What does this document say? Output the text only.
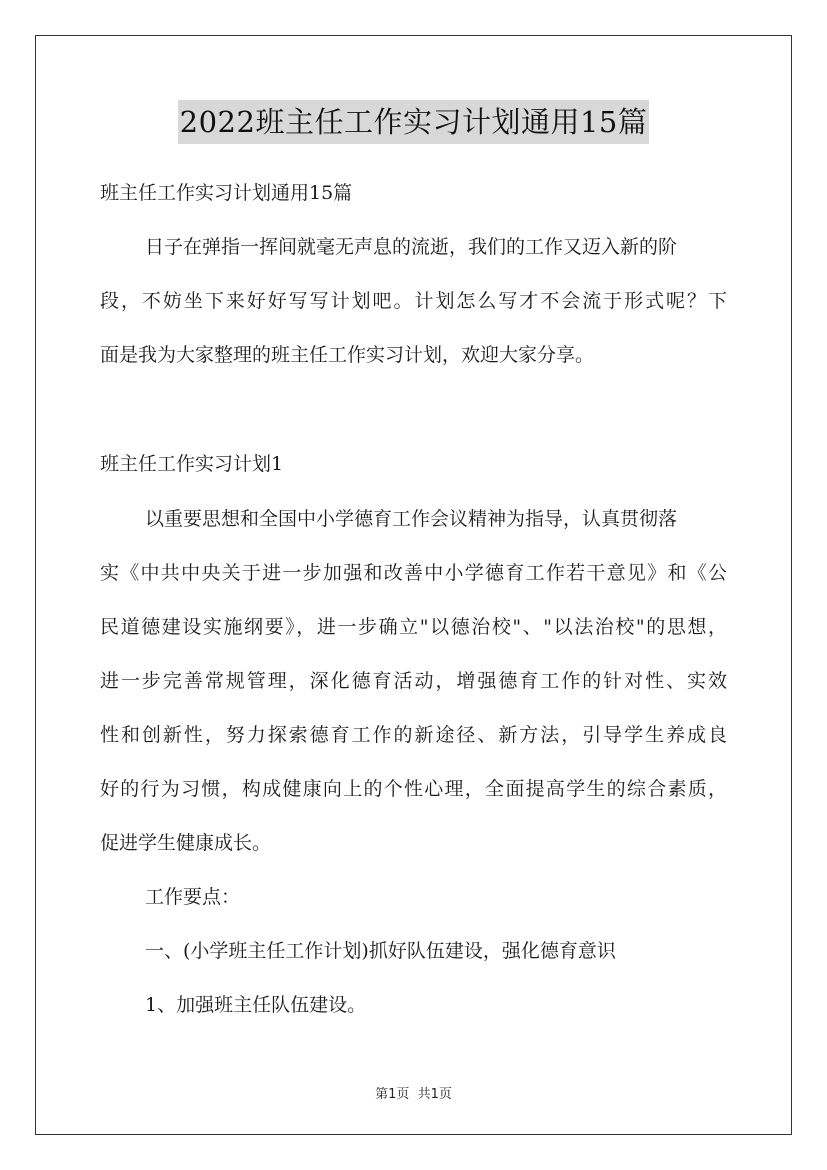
2022班主任工作实习计划通用15篇
班主任工作实习计划通用15篇
日子在弹指一挥间就毫无声息的流逝，我们的工作又迈入新的阶
段，不妨坐下来好好写写计划吧。计划怎么写才不会流于形式呢？下
面是我为大家整理的班主任工作实习计划，欢迎大家分享。
班主任工作实习计划1
以重要思想和全国中小学德育工作会议精神为指导，认真贯彻落
实《中共中央关于进一步加强和改善中小学德育工作若干意见》和《公
民道德建设实施纲要》，进一步确立"以德治校"、"以法治校"的思想，
进一步完善常规管理，深化德育活动，增强德育工作的针对性、实效
性和创新性，努力探索德育工作的新途径、新方法，引导学生养成良
好的行为习惯，构成健康向上的个性心理，全面提高学生的综合素质，
促进学生健康成长。
工作要点：
一、(小学班主任工作计划)抓好队伍建设，强化德育意识
1、加强班主任队伍建设。
第1页 共1页
